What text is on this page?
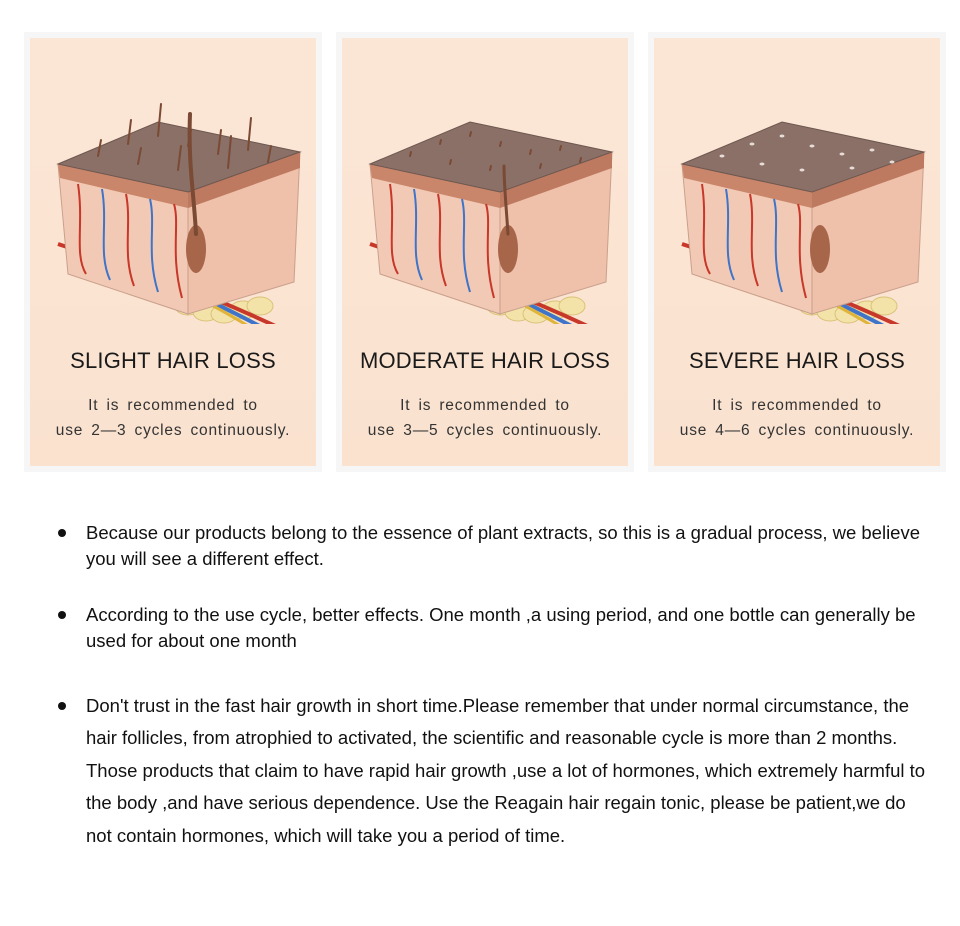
SLIGHT HAIR LOSS
It is recommended to
use 2—3 cycles continuously.
MODERATE HAIR LOSS
It is recommended to
use 3—5 cycles continuously.
SEVERE HAIR LOSS
It is recommended to
use 4—6 cycles continuously.
Because our products belong to the essence of plant extracts, so this is a gradual process, we believe you will see a different effect.
According to the use cycle, better effects. One month ,a using period, and one bottle can generally be used for about one month
Don't trust in the fast hair growth in short time.Please remember that under normal circumstance, the hair follicles, from atrophied to activated, the scientific and reasonable cycle is more than 2 months. Those products that claim to have rapid hair growth ,use a lot of hormones, which extremely harmful to the body ,and have serious dependence. Use the Reagain hair regain tonic, please be patient,we do not contain hormones, which will take you a period of time.
